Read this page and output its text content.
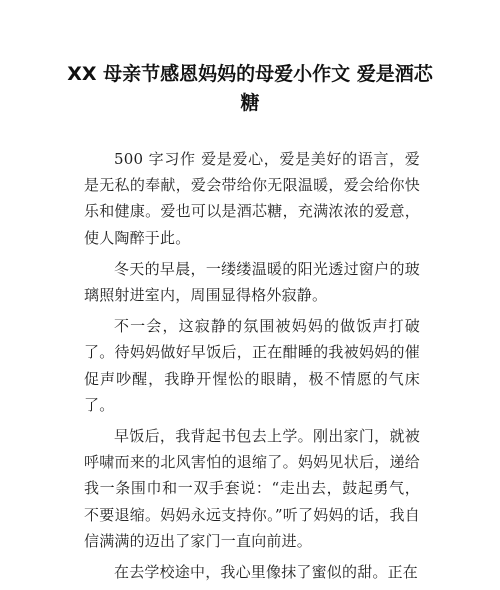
XX 母亲节感恩妈妈的母爱小作文 爱是酒芯糖

500 字习作 爱是爱心，爱是美好的语言，爱是无私的奉献，爱会带给你无限温暖，爱会给你快乐和健康。爱也可以是酒芯糖，充满浓浓的爱意，使人陶醉于此。

冬天的早晨，一缕缕温暖的阳光透过窗户的玻璃照射进室内，周围显得格外寂静。

不一会，这寂静的氛围被妈妈的做饭声打破了。待妈妈做好早饭后，正在酣睡的我被妈妈的催促声吵醒，我睁开惺忪的眼睛，极不情愿的气床了。

早饭后，我背起书包去上学。刚出家门，就被呼啸而来的北风害怕的退缩了。妈妈见状后，递给我一条围巾和一双手套说：“走出去，鼓起勇气，不要退缩。妈妈永远支持你。”听了妈妈的话，我自信满满的迈出了家门一直向前进。

在去学校途中，我心里像抹了蜜似的甜。正在
